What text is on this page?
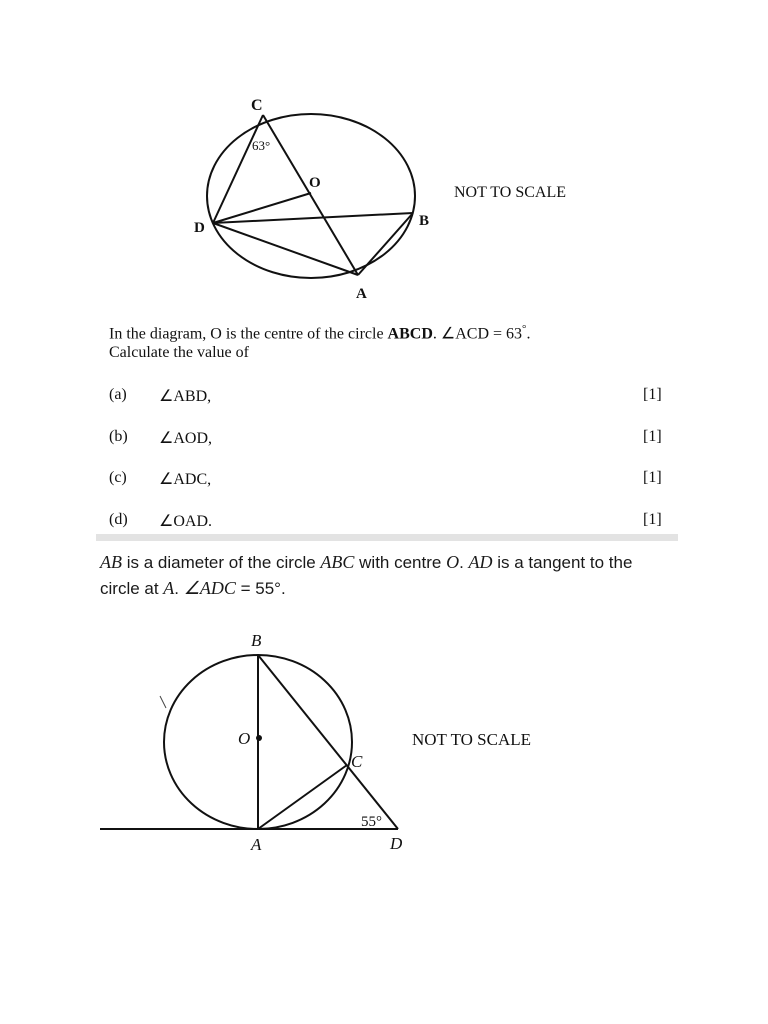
C
63°
O
D	B
A
NOT TO SCALE
In the diagram, O is the centre of the circle ABCD. ∠ACD = 63°.
Calculate the value of
(a) ∠ABD,	[1]
(b) ∠AOD,	[1]
(c) ∠ADC,	[1]
(d) ∠OAD.	[1]
AB is a diameter of the circle ABC with centre O. AD is a tangent to the
circle at A. ∠ADC = 55°.
B
O
C
55°
A	D
NOT TO SCALE
